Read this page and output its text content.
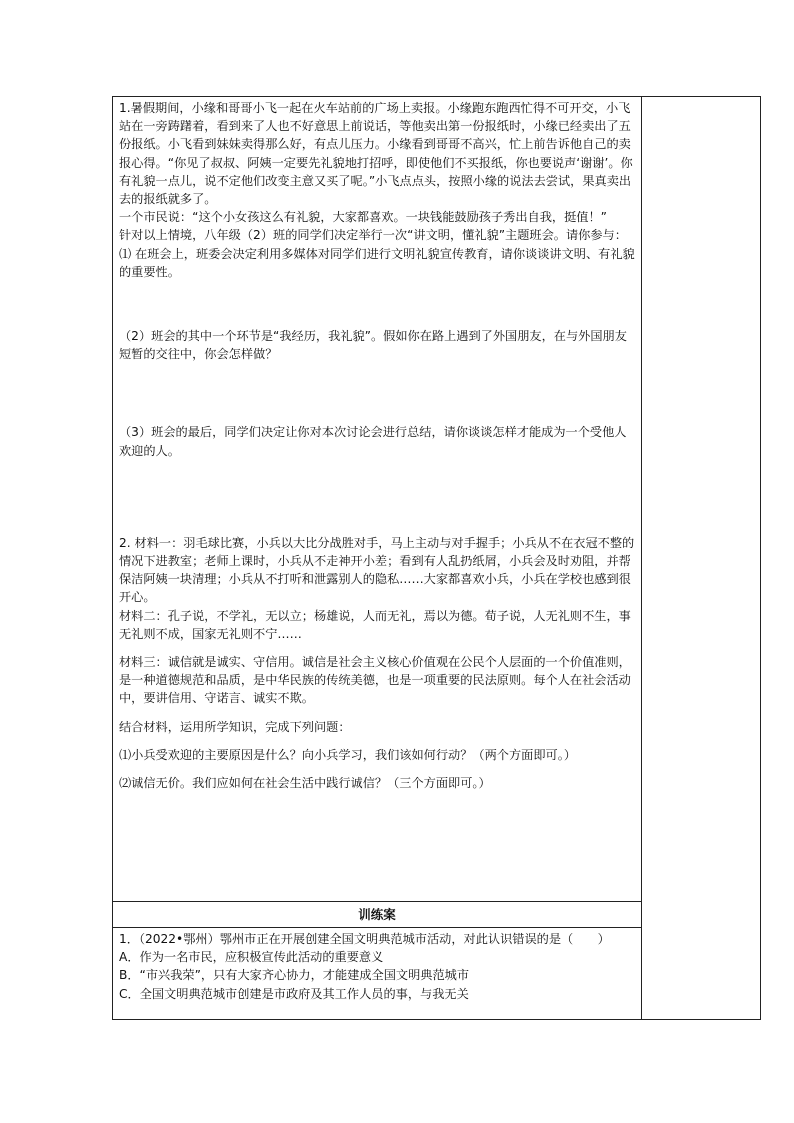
1.暑假期间，小缘和哥哥小飞一起在火车站前的广场上卖报。小缘跑东跑西忙得不可开交，小飞站在一旁踌躇着，看到来了人也不好意思上前说话，等他卖出第一份报纸时，小缘已经卖出了五份报纸。小飞看到妹妹卖得那么好，有点儿压力。小缘看到哥哥不高兴，忙上前告诉他自己的卖报心得。“你见了叔叔、阿姨一定要先礼貌地打招呼，即使他们不买报纸，你也要说声‘谢谢’。你有礼貌一点儿，说不定他们改变主意又买了呢。”小飞点点头，按照小缘的说法去尝试，果真卖出去的报纸就多了。

一个市民说：“这个小女孩这么有礼貌，大家都喜欢。一块钱能鼓励孩子秀出自我，挺值！”

针对以上情境，八年级（2）班的同学们决定举行一次“讲文明，懂礼貌”主题班会。请你参与：

⑴ 在班会上，班委会决定利用多媒体对同学们进行文明礼貌宣传教育，请你谈谈讲文明、有礼貌的重要性。

（2）班会的其中一个环节是“我经历，我礼貌”。假如你在路上遇到了外国朋友，在与外国朋友短暂的交往中，你会怎样做？

（3）班会的最后，同学们决定让你对本次讨论会进行总结，请你谈谈怎样才能成为一个受他人欢迎的人。

2. 材料一：羽毛球比赛，小兵以大比分战胜对手，马上主动与对手握手；小兵从不在衣冠不整的情况下进教室；老师上课时，小兵从不走神开小差；看到有人乱扔纸屑，小兵会及时劝阻，并帮保洁阿姨一块清理；小兵从不打听和泄露别人的隐私……大家都喜欢小兵，小兵在学校也感到很开心。

材料二：孔子说，不学礼，无以立；杨雄说，人而无礼，焉以为德。荀子说，人无礼则不生，事无礼则不成，国家无礼则不宁……

材料三：诚信就是诚实、守信用。诚信是社会主义核心价值观在公民个人层面的一个价值准则，是一种道德规范和品质，是中华民族的传统美德，也是一项重要的民法原则。每个人在社会活动中，要讲信用、守诺言、诚实不欺。

结合材料，运用所学知识，完成下列问题：

⑴小兵受欢迎的主要原因是什么？向小兵学习，我们该如何行动？（两个方面即可。）

⑵诚信无价。我们应如何在社会生活中践行诚信？（三个方面即可。）

训练案

1．（2022•鄂州）鄂州市正在开展创建全国文明典范城市活动，对此认识错误的是（　　）

A．作为一名市民，应积极宣传此活动的重要意义

B．“市兴我荣”，只有大家齐心协力，才能建成全国文明典范城市

C．全国文明典范城市创建是市政府及其工作人员的事，与我无关
